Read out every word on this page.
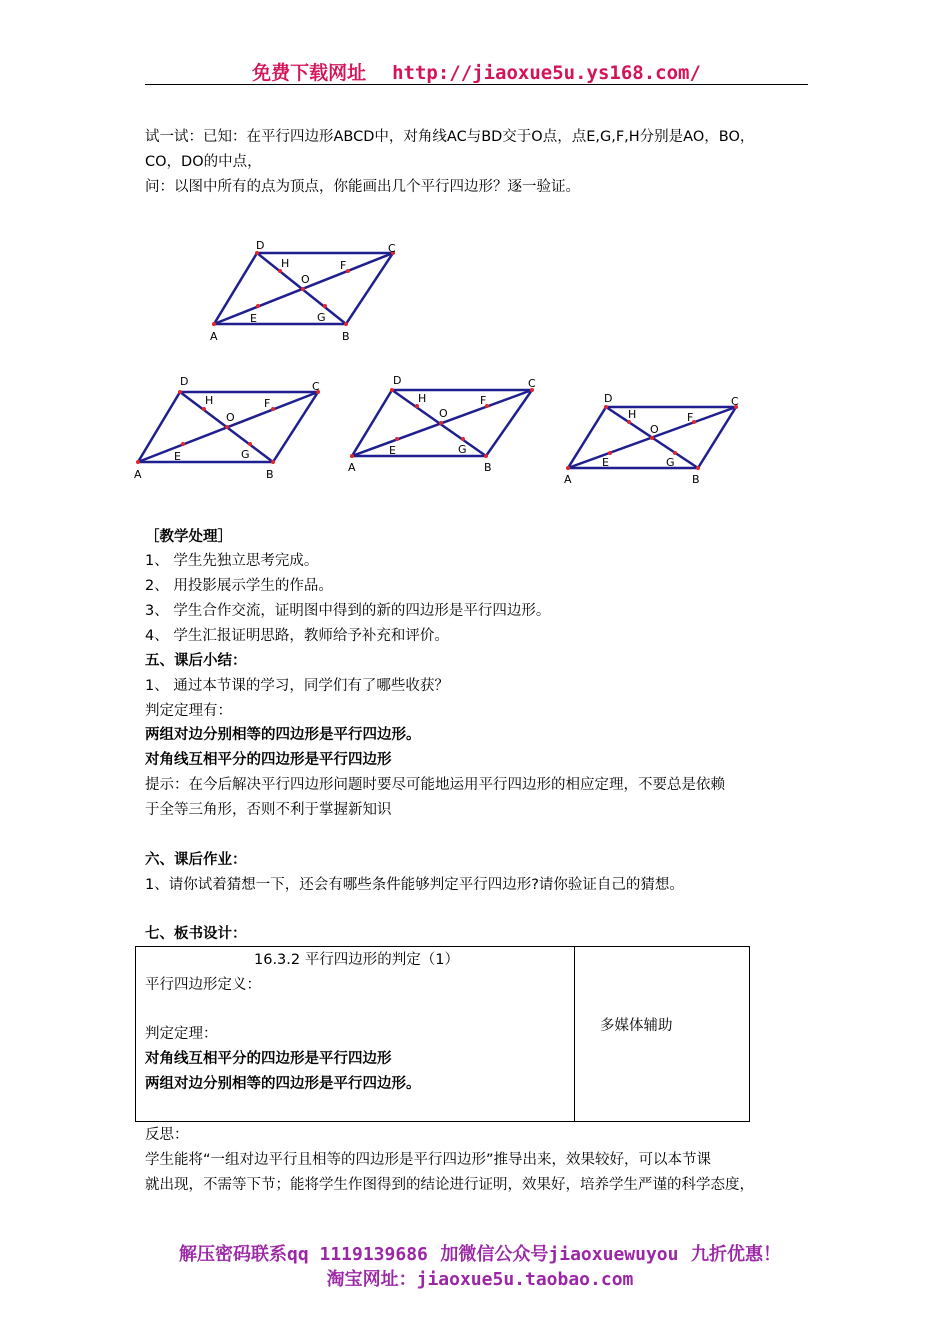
免费下载网址 http://jiaoxue5u.ys168.com/
试一试：已知：在平行四边形ABCD中，对角线AC与BD交于O点，点E,G,F,H分别是AO，BO，
CO，DO的中点，
问：以图中所有的点为顶点，你能画出几个平行四边形？逐一验证。
A	B
C
D
O
E
F
G
H
A	B
C
D
O
E
F
G
H
A	B
C
D
O
E
F
G
H
A	B
C
D
O
E
F
G
H
［教学处理］
1、 学生先独立思考完成。
2、 用投影展示学生的作品。
3、 学生合作交流，证明图中得到的新的四边形是平行四边形。
4、 学生汇报证明思路，教师给予补充和评价。
五、课后小结：
1、 通过本节课的学习，同学们有了哪些收获？
判定定理有：
两组对边分别相等的四边形是平行四边形。
对角线互相平分的四边形是平行四边形
提示：在今后解决平行四边形问题时要尽可能地运用平行四边形的相应定理，不要总是依赖
于全等三角形，否则不利于掌握新知识
六、课后作业：
1、请你试着猜想一下，还会有哪些条件能够判定平行四边形?请你验证自己的猜想。
七、板书设计：
16.3.2 平行四边形的判定（1）
平行四边形定义：
判定定理：
对角线互相平分的四边形是平行四边形
两组对边分别相等的四边形是平行四边形。

多媒体辅助
反思：
学生能将“一组对边平行且相等的四边形是平行四边形”推导出来，效果较好，可以本节课
就出现，不需等下节；能将学生作图得到的结论进行证明，效果好，培养学生严谨的科学态度，
解压密码联系qq 1119139686 加微信公众号jiaoxuewuyou 九折优惠！
淘宝网址：jiaoxue5u.taobao.com
